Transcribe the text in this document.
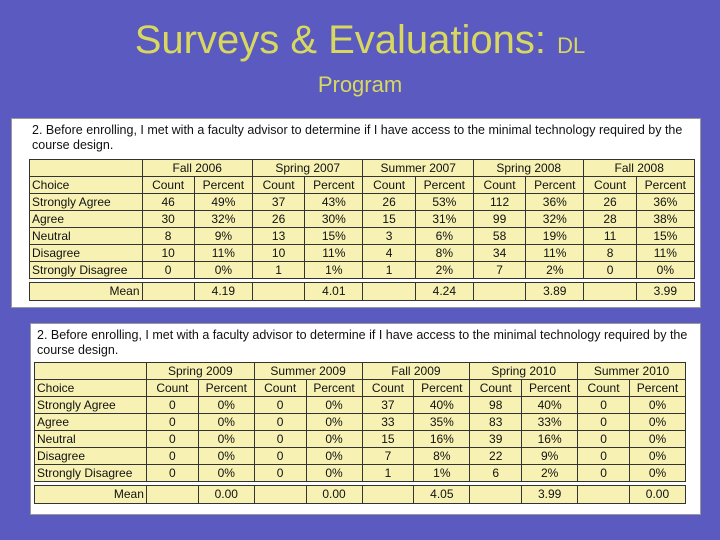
Surveys & Evaluations: DL
Program
2. Before enrolling, I met with a faculty advisor to determine if I have access to the minimal technology required by the course design.
	Fall 2006		Spring 2007		Summer 2007		Spring 2008		Fall 2008	
Choice	Count	Percent	Count	Percent	Count	Percent	Count	Percent	Count	Percent
Strongly Agree	46	49%	37	43%	26	53%	112	36%	26	36%
Agree	30	32%	26	30%	15	31%	99	32%	28	38%
Neutral	8	9%	13	15%	3	6%	58	19%	11	15%
Disagree	10	11%	10	11%	4	8%	34	11%	8	11%
Strongly Disagree	0	0%	1	1%	1	2%	7	2%	0	0%

Mean		4.19		4.01		4.24		3.89		3.99
2. Before enrolling, I met with a faculty advisor to determine if I have access to the minimal technology required by the course design.
	Spring 2009		Summer 2009		Fall 2009		Spring 2010		Summer 2010	
Choice	Count	Percent	Count	Percent	Count	Percent	Count	Percent	Count	Percent
Strongly Agree	0	0%	0	0%	37	40%	98	40%	0	0%
Agree	0	0%	0	0%	33	35%	83	33%	0	0%
Neutral	0	0%	0	0%	15	16%	39	16%	0	0%
Disagree	0	0%	0	0%	7	8%	22	9%	0	0%
Strongly Disagree	0	0%	0	0%	1	1%	6	2%	0	0%

Mean		0.00		0.00		4.05		3.99		0.00
